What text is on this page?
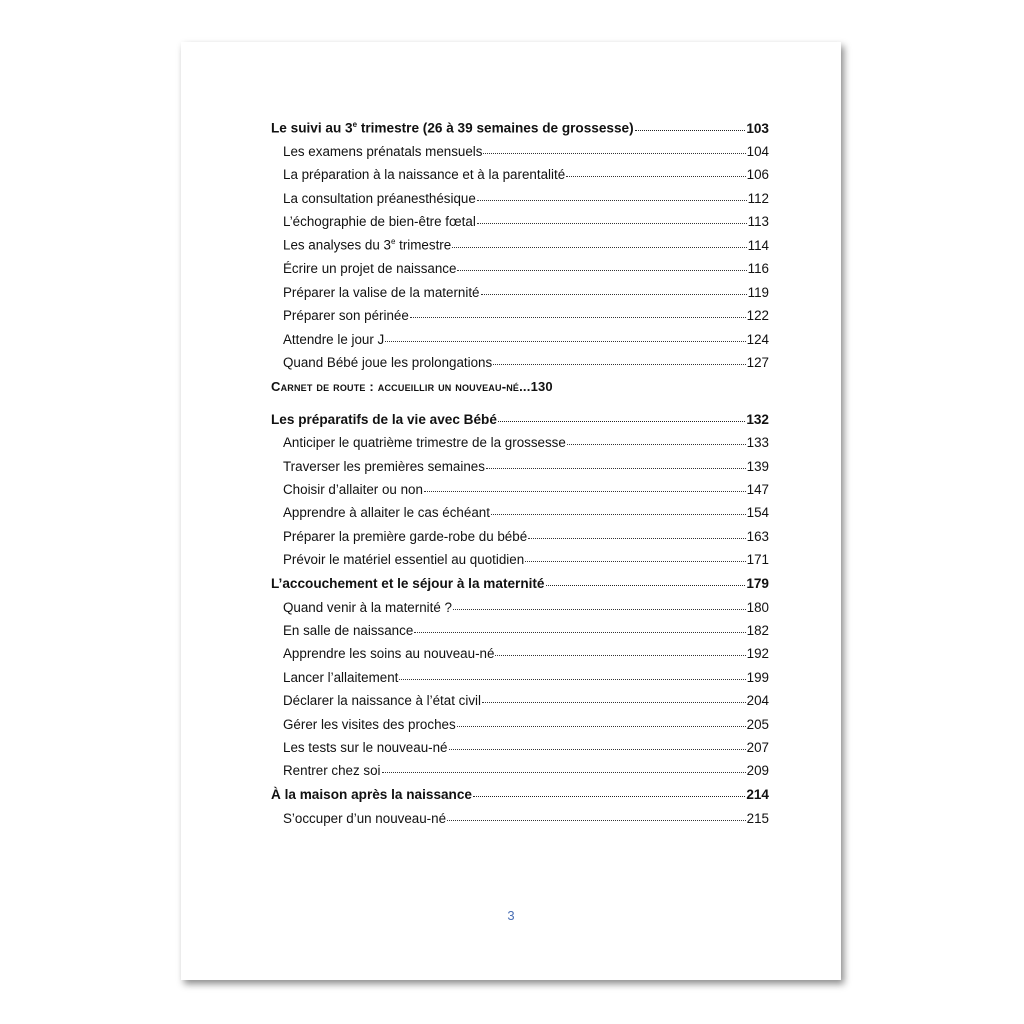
Le suivi au 3e trimestre (26 à 39 semaines de grossesse)	103
Les examens prénatals mensuels	104
La préparation à la naissance et à la parentalité	106
La consultation préanesthésique	112
L’échographie de bien-être fœtal	113
Les analyses du 3e trimestre	114
Écrire un projet de naissance	116
Préparer la valise de la maternité	119
Préparer son périnée	122
Attendre le jour J	124
Quand Bébé joue les prolongations	127
Carnet de route : accueillir un nouveau-né...130
Les préparatifs de la vie avec Bébé	132
Anticiper le quatrième trimestre de la grossesse	133
Traverser les premières semaines	139
Choisir d’allaiter ou non	147
Apprendre à allaiter le cas échéant	154
Préparer la première garde-robe du bébé	163
Prévoir le matériel essentiel au quotidien	171
L’accouchement et le séjour à la maternité	179
Quand venir à la maternité ?	180
En salle de naissance	182
Apprendre les soins au nouveau-né	192
Lancer l’allaitement	199
Déclarer la naissance à l’état civil	204
Gérer les visites des proches	205
Les tests sur le nouveau-né	207
Rentrer chez soi	209
À la maison après la naissance	214
S’occuper d’un nouveau-né	215
3
